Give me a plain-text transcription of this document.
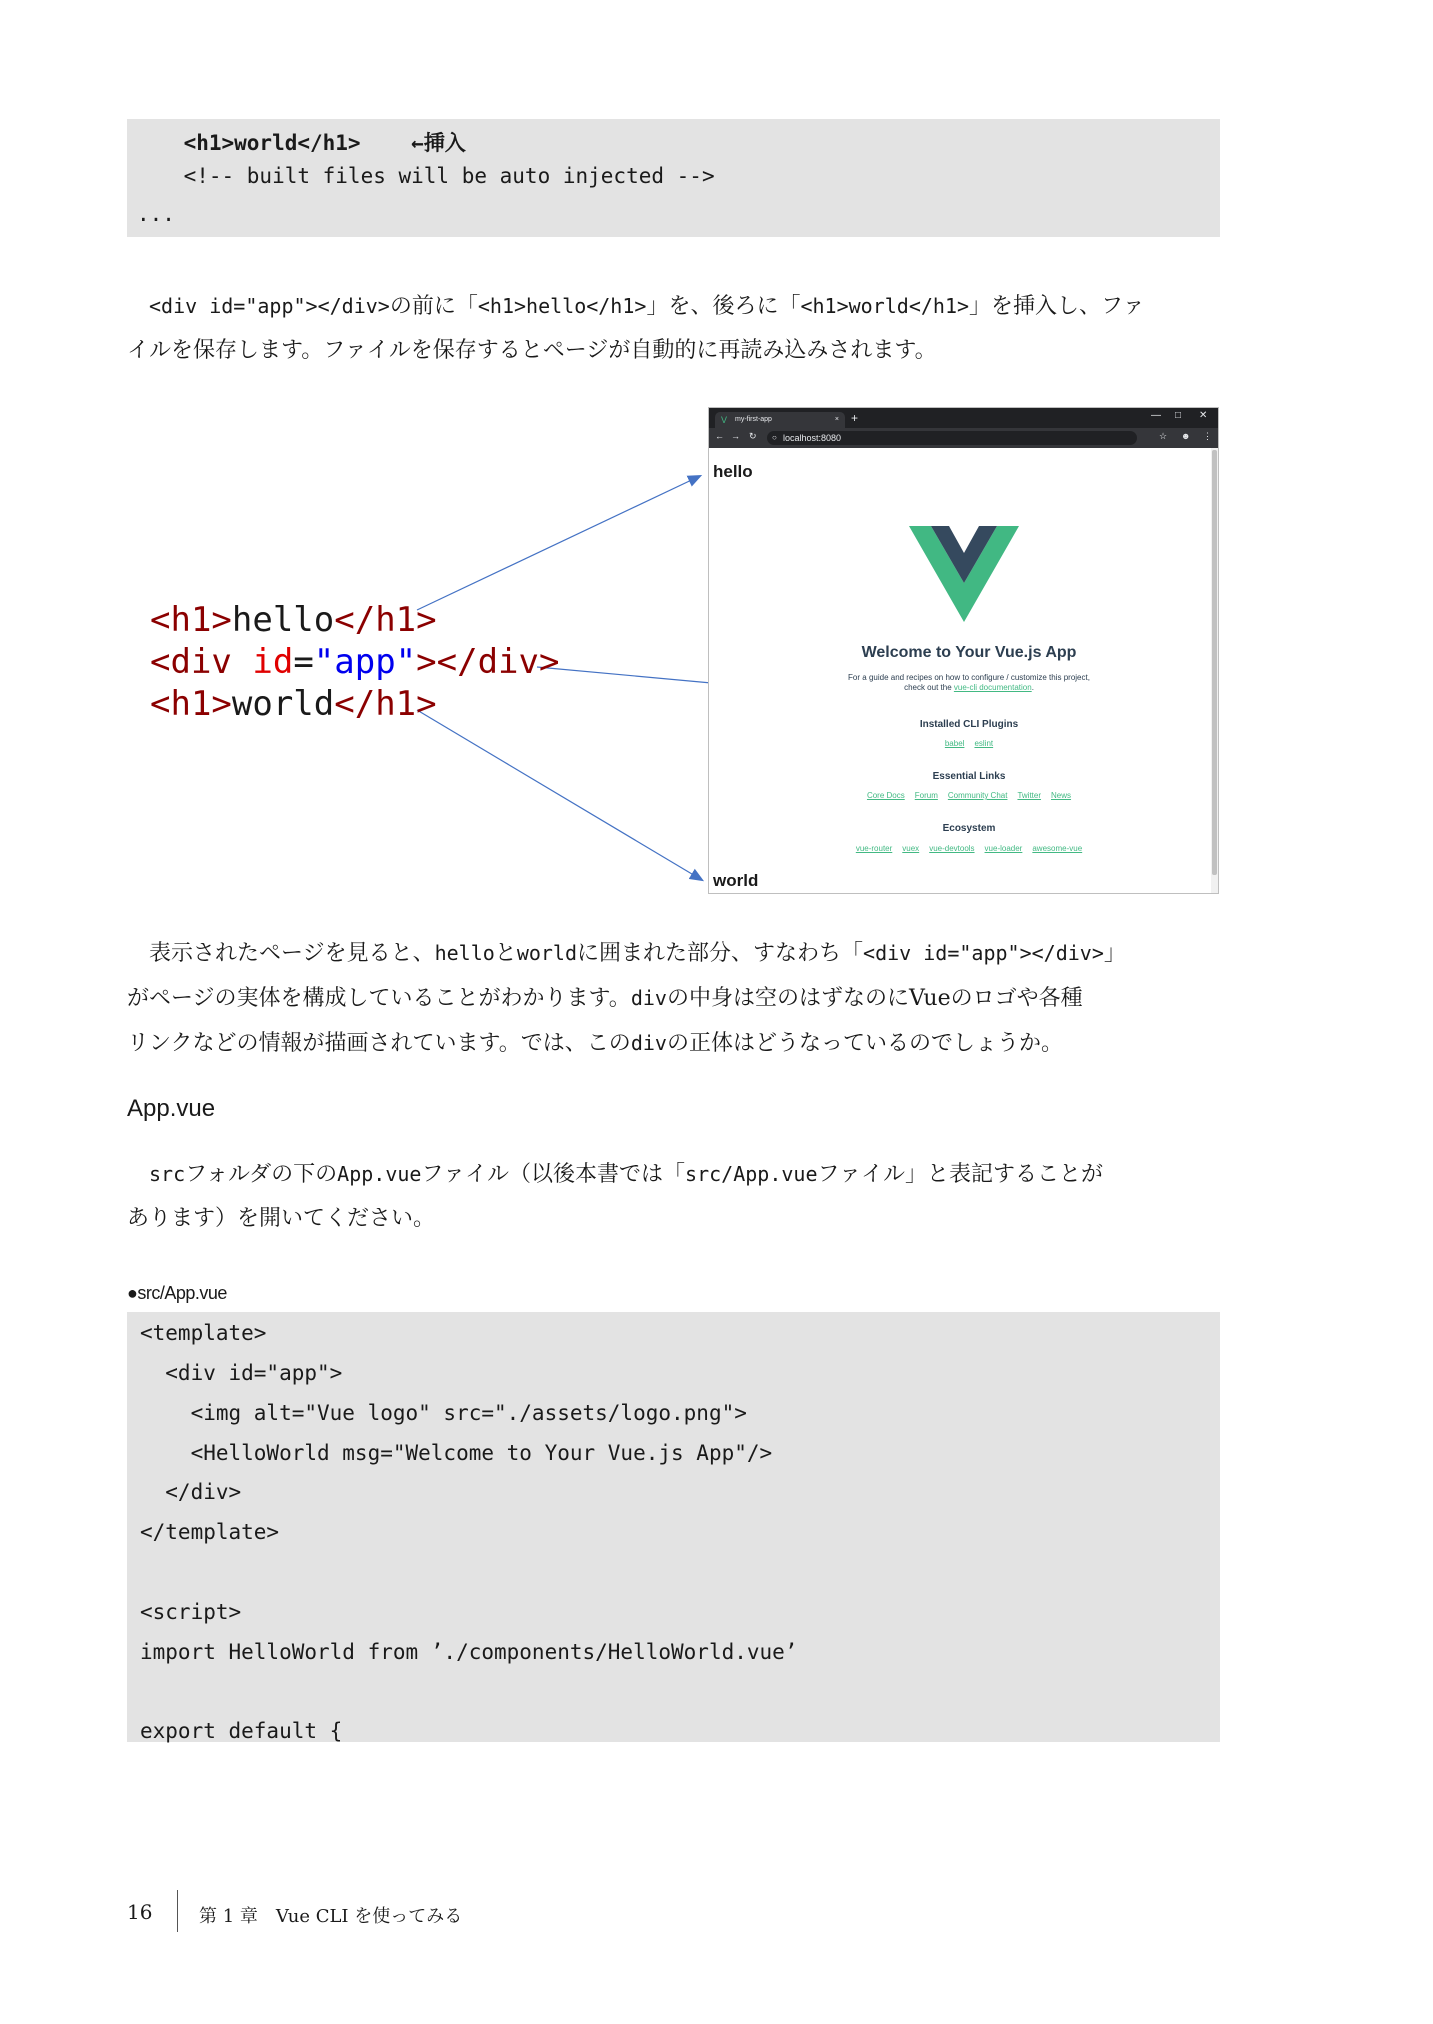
<h1>world</h1>    ←挿入
<!-- built files will be auto injected -->
...

　<div id="app"></div>の前に「<h1>hello</h1>」を、後ろに「<h1>world</h1>」を挿入し、ファ

イルを保存します。ファイルを保存するとページが自動的に再読み込みされます。

<h1>hello</h1>
<div id="app"></div>
<h1>world</h1>
V my-first-app	× +	— □ ✕
← → ↻ ○ localhost:8080	☆ ☻ ⋮
hello
Welcome to Your Vue.js App
For a guide and recipes on how to configure / customize this project,
check out the vue-cli documentation.
Installed CLI Plugins
babel eslint
Essential Links
Core Docs Forum Community Chat Twitter News
Ecosystem
vue-router vuex vue-devtools vue-loader awesome-vue
world

　表示されたページを見ると、helloとworldに囲まれた部分、すなわち「<div id="app"></div>」

がページの実体を構成していることがわかります。divの中身は空のはずなのにVueのロゴや各種

リンクなどの情報が描画されています。では、このdivの正体はどうなっているのでしょうか。

App.vue

　srcフォルダの下のApp.vueファイル（以後本書では「src/App.vueファイル」と表記することが

あります）を開いてください。

●src/App.vue
<template>
<div id="app">
<img alt="Vue logo" src="./assets/logo.png">
<HelloWorld msg="Welcome to Your Vue.js App"/>
</div>
</template>
<script>
import HelloWorld from ’./components/HelloWorld.vue’
export default {
16	第 1 章　Vue CLI を使ってみる
